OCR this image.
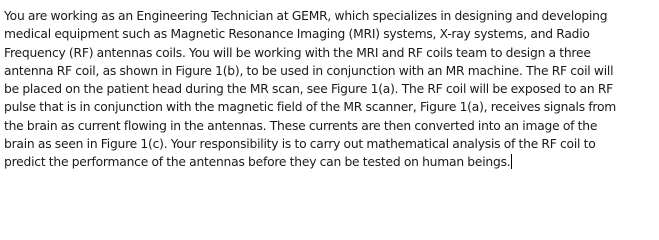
You are working as an Engineering Technician at GEMR, which specializes in designing and developing
medical equipment such as Magnetic Resonance Imaging (MRI) systems, X-ray systems, and Radio
Frequency (RF) antennas coils. You will be working with the MRI and RF coils team to design a three
antenna RF coil, as shown in Figure 1(b), to be used in conjunction with an MR machine. The RF coil will
be placed on the patient head during the MR scan, see Figure 1(a). The RF coil will be exposed to an RF
pulse that is in conjunction with the magnetic field of the MR scanner, Figure 1(a), receives signals from
the brain as current flowing in the antennas. These currents are then converted into an image of the
brain as seen in Figure 1(c). Your responsibility is to carry out mathematical analysis of the RF coil to
predict the performance of the antennas before they can be tested on human beings.
